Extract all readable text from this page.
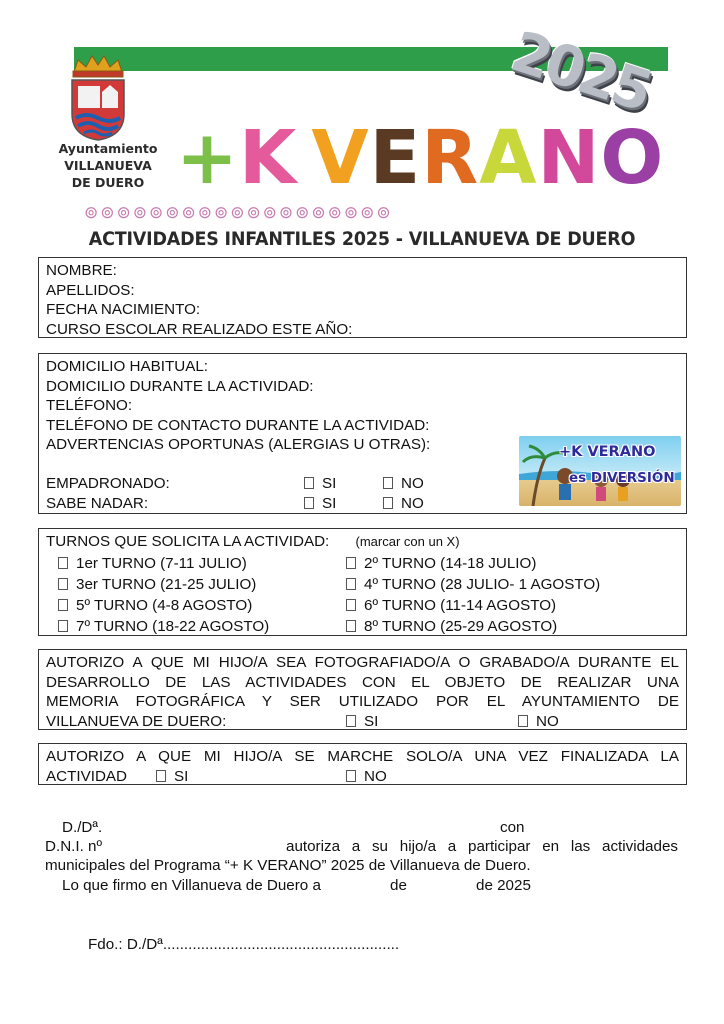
2025
Ayuntamiento
VILLANUEVA
DE DUERO +K VERANO
⊚⊚⊚⊚⊚⊚⊚⊚⊚⊚⊚⊚⊚⊚⊚⊚⊚⊚⊚
ACTIVIDADES INFANTILES 2025 - VILLANUEVA DE DUERO
NOMBRE:
APELLIDOS:
FECHA NACIMIENTO:
CURSO ESCOLAR REALIZADO ESTE AÑO:
DOMICILIO HABITUAL:
DOMICILIO DURANTE LA ACTIVIDAD:
TELÉFONO:
TELÉFONO DE CONTACTO DURANTE LA ACTIVIDAD:
ADVERTENCIAS OPORTUNAS (ALERGIAS U OTRAS):

EMPADRONADO:	SI	NO
SABE NADAR:	SI	NO
+K VERANO
es DIVERSIÓN
TURNOS QUE SOLICITA LA ACTIVIDAD: (marcar con un X)
1er TURNO (7-11 JULIO)	2º TURNO (14-18 JULIO)
3er TURNO (21-25 JULIO)	4º TURNO (28 JULIO- 1 AGOSTO)
5º TURNO (4-8 AGOSTO)	6º TURNO (11-14 AGOSTO)
7º TURNO (18-22 AGOSTO)	8º TURNO (25-29 AGOSTO)
AUTORIZO A QUE MI HIJO/A SEA FOTOGRAFIADO/A O GRABADO/A DURANTE EL
DESARROLLO DE LAS ACTIVIDADES CON EL OBJETO DE REALIZAR UNA
MEMORIA FOTOGRÁFICA Y SER UTILIZADO POR EL AYUNTAMIENTO DE
VILLANUEVA DE DUERO:	SI	NO
AUTORIZO A QUE MI HIJO/A SE MARCHE SOLO/A UNA VEZ FINALIZADA LA
ACTIVIDAD	SI	NO
D./Dª.	con
D.N.I. nº	autoriza a su hijo/a a participar en las actividades
municipales del Programa “+ K VERANO” 2025 de Villanueva de Duero.
Lo que firmo en Villanueva de Duero a	de	de 2025
Fdo.: D./Dª........................................................
